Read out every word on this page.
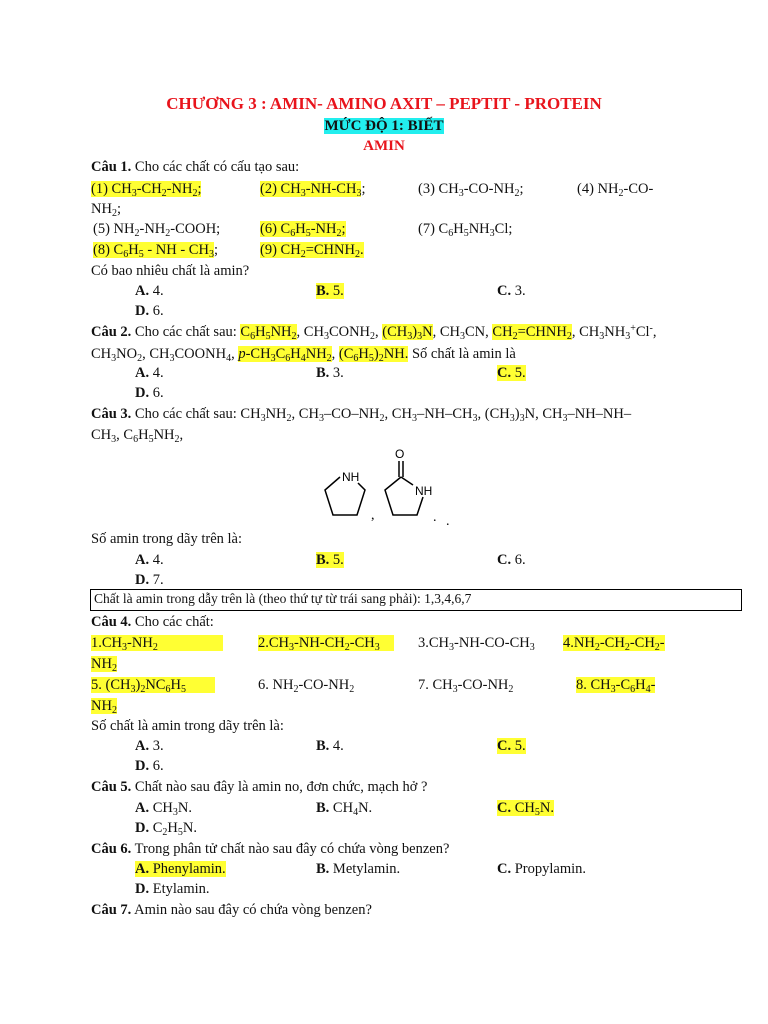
CHƯƠNG 3 : AMIN- AMINO AXIT – PEPTIT - PROTEIN
MỨC ĐỘ 1: BIẾT
AMIN
Câu 1. Cho các chất có cấu tạo sau:
(1) $CH_3-CH_2-NH_2$;	(2) $CH_3-NH-CH_3$;	(3) $CH_3-CO-NH_2$;	(4) $NH_2-CO-$
$NH_2$;
(5) $NH_2-NH_2$-COOH;	(6) $C_6H_5-NH_2$;	(7) $C_6H_5NH_3Cl$;
(8) $C_6H_5$ - NH - $CH_3$;	(9) $CH_2=CHNH_2$.
Có bao nhiêu chất là amin?
A. 4.	B. 5.	C. 3.
D. 6.
Câu 2. Cho các chất sau: $C_6H_5NH_2$, $CH_3CONH_2$, $(CH_3)_3N$, $CH_3CN$, $CH_2=CHNH_2$, $CH_3NH_3^+Cl^-$,
$CH_3NO_2$, $CH_3COONH_4$, $p-CH_3C_6H_4NH_2$, $(C_6H_5)_2NH$. Số chất là amin là
A. 4.	B. 3.	C. 5.
D. 6.
Câu 3. Cho các chất sau: $CH_3NH_2$, $CH_3-CO-NH_2$, $CH_3-NH-CH_3$, $(CH_3)_3N$, $CH_3-NH-NH-$
$CH_3$, $C_6H_5NH_2$,
NH
,
O
NH
. .
Số amin trong dãy trên là:
A. 4.	B. 5.	C. 6.
D. 7.
Chất là amin trong dẫy trên là (theo thứ tự từ trái sang phải): 1,3,4,6,7
Câu 4. Cho các chất:
$1.CH_3-NH_2$	$2.CH_3-NH-CH_2-CH_3$	$3.CH_3-NH-CO-CH_3$ $4.NH_2-CH_2-CH_2-$
$NH_2$
5. $(CH_3)_2NC_6H_5$	6. $NH_2-CO-NH_2$	7. $CH_3-CO-NH_2$	8. $CH_3-C_6H_4-$
$NH_2$
Số chất là amin trong dãy trên là:
A. 3.	B. 4.	C. 5.
D. 6.
Câu 5. Chất nào sau đây là amin no, đơn chức, mạch hở ?
A. $CH_3N$.	B. $CH_4N$.	C. $CH_5N$.
D. $C_2H_5N$.
Câu 6. Trong phân tử chất nào sau đây có chứa vòng benzen?
A. Phenylamin.	B. Metylamin.	C. Propylamin.
D. Etylamin.
Câu 7. Amin nào sau đây có chứa vòng benzen?
